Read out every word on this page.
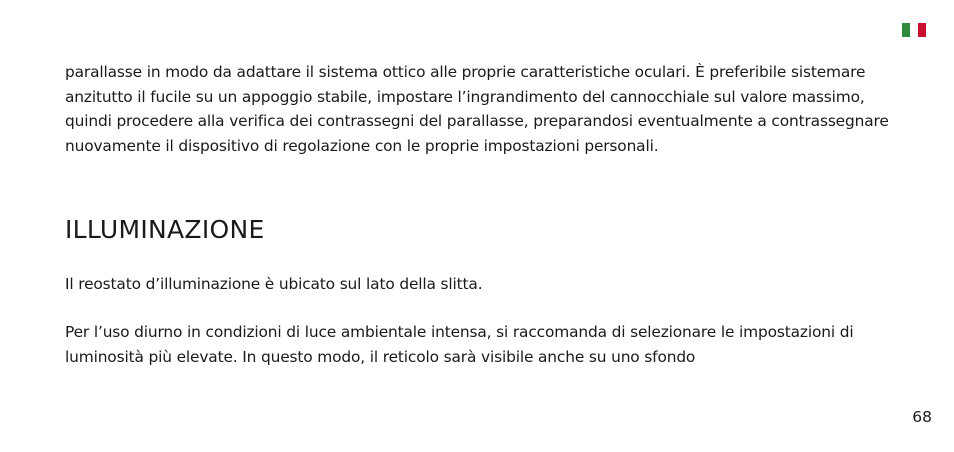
parallasse in modo da adattare il sistema ottico alle proprie caratteristiche oculari. È preferibile sistemare anzitutto il fucile su un appoggio stabile, impostare l’ingrandimento del cannocchiale sul valore massimo, quindi procedere alla verifica dei contrassegni del parallasse, preparandosi eventualmente a contrassegnare nuovamente il dispositivo di regolazione con le proprie impostazioni personali.

ILLUMINAZIONE

Il reostato d’illuminazione è ubicato sul lato della slitta.

Per l’uso diurno in condizioni di luce ambientale intensa, si raccomanda di selezionare le impostazioni di luminosità più elevate. In questo modo, il reticolo sarà visibile anche su uno sfondo

68
